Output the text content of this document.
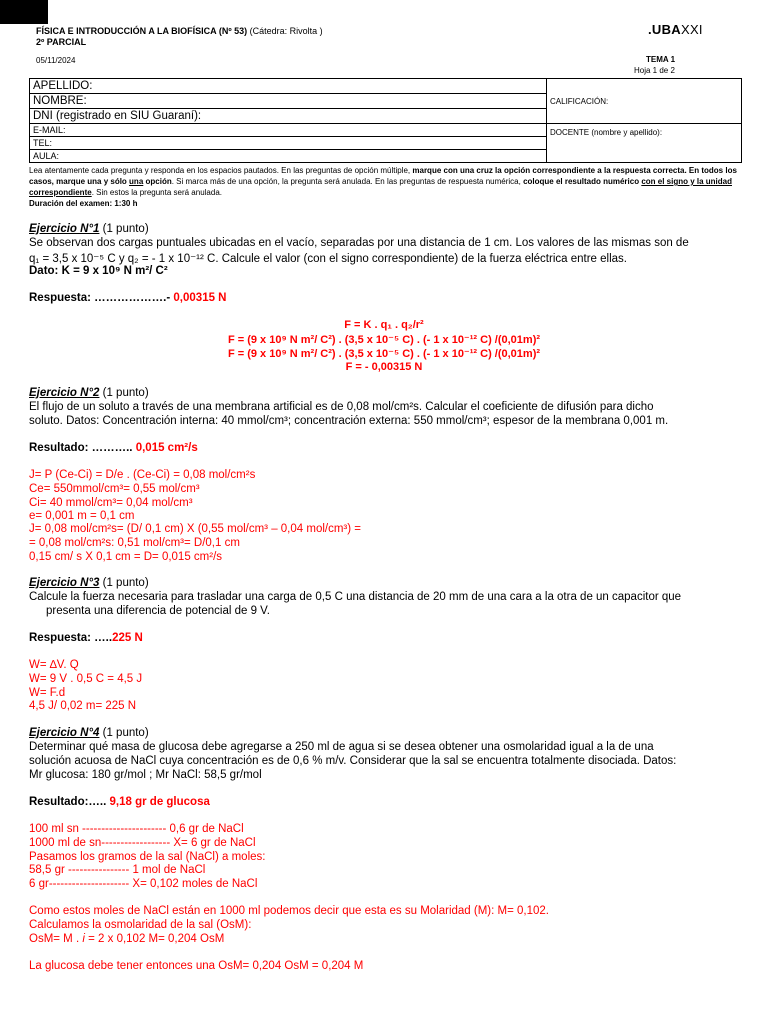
FÍSICA E INTRODUCCIÓN A LA BIOFÍSICA (Nº 53) (Cátedra: Rivolta )
2º PARCIAL
05/11/2024
.UBAXXI
TEMA 1
Hoja 1 de 2
APELLIDO:	CALIFICACIÓN:
NOMBRE:	
DNI (registrado en SIU Guaraní):	
E-MAIL:	DOCENTE (nombre y apellido):
TEL:	
AULA:	
Lea atentamente cada pregunta y responda en los espacios pautados. En las preguntas de opción múltiple, marque con una cruz la opción correspondiente a la respuesta correcta. En todos los casos, marque una y sólo una opción. Si marca más de una opción, la pregunta será anulada. En las preguntas de respuesta numérica, coloque el resultado numérico con el signo y la unidad correspondiente. Sin estos la pregunta será anulada.
Duración del examen: 1:30 h
Ejercicio N°1 (1 punto)
Se observan dos cargas puntuales ubicadas en el vacío, separadas por una distancia de 1 cm. Los valores de las mismas son de
q₁ = 3,5 x 10⁻⁵ C y q₂ = - 1 x 10⁻¹² C. Calcule el valor (con el signo correspondiente) de la fuerza eléctrica entre ellas.
Dato: K = 9 x 10⁹ N m²/ C²
Respuesta: ……………….- 0,00315 N
F = K . q₁ . q₂/r²
F = (9 x 10⁹ N m²/ C²) . (3,5 x 10⁻⁵ C) . (- 1 x 10⁻¹² C) /(0,01m)²
F = (9 x 10⁹ N m²/ C²) . (3,5 x 10⁻⁵ C) . (- 1 x 10⁻¹² C) /(0,01m)²
F = - 0,00315 N
Ejercicio N°2 (1 punto)
El flujo de un soluto a través de una membrana artificial es de 0,08 mol/cm²s. Calcular el coeficiente de difusión para dicho
soluto. Datos: Concentración interna: 40 mmol/cm³; concentración externa: 550 mmol/cm³; espesor de la membrana 0,001 m.
Resultado: ……….. 0,015 cm²/s
J= P (Ce-Ci) = D/e . (Ce-Ci) = 0,08 mol/cm²s
Ce= 550mmol/cm³= 0,55 mol/cm³
Ci= 40 mmol/cm³= 0,04 mol/cm³
e= 0,001 m = 0,1 cm
J= 0,08 mol/cm²s= (D/ 0,1 cm) X (0,55 mol/cm³ – 0,04 mol/cm³) =
= 0,08 mol/cm²s: 0,51 mol/cm³= D/0,1 cm
0,15 cm/ s X 0,1 cm = D= 0,015 cm²/s
Ejercicio N°3 (1 punto)
Calcule la fuerza necesaria para trasladar una carga de 0,5 C una distancia de 20 mm de una cara a la otra de un capacitor que
presenta una diferencia de potencial de 9 V.
Respuesta: …..225 N
W= ∆V. Q
W= 9 V . 0,5 C = 4,5 J
W= F.d
4,5 J/ 0,02 m= 225 N
Ejercicio N°4 (1 punto)
Determinar qué masa de glucosa debe agregarse a 250 ml de agua si se desea obtener una osmolaridad igual a la de una
solución acuosa de NaCl cuya concentración es de 0,6 % m/v. Considerar que la sal se encuentra totalmente disociada. Datos:
Mr glucosa: 180 gr/mol ; Mr NaCl: 58,5 gr/mol
Resultado:….. 9,18 gr de glucosa
100 ml sn ---------------------- 0,6 gr de NaCl
1000 ml de sn------------------ X= 6 gr de NaCl
Pasamos los gramos de la sal (NaCl) a moles:
58,5 gr ---------------- 1 mol de NaCl
6 gr--------------------- X= 0,102 moles de NaCl
Como estos moles de NaCl están en 1000 ml podemos decir que esta es su Molaridad (M): M= 0,102.
Calculamos la osmolaridad de la sal (OsM):
OsM= M . i = 2 x 0,102 M= 0,204 OsM
La glucosa debe tener entonces una OsM= 0,204 OsM = 0,204 M
